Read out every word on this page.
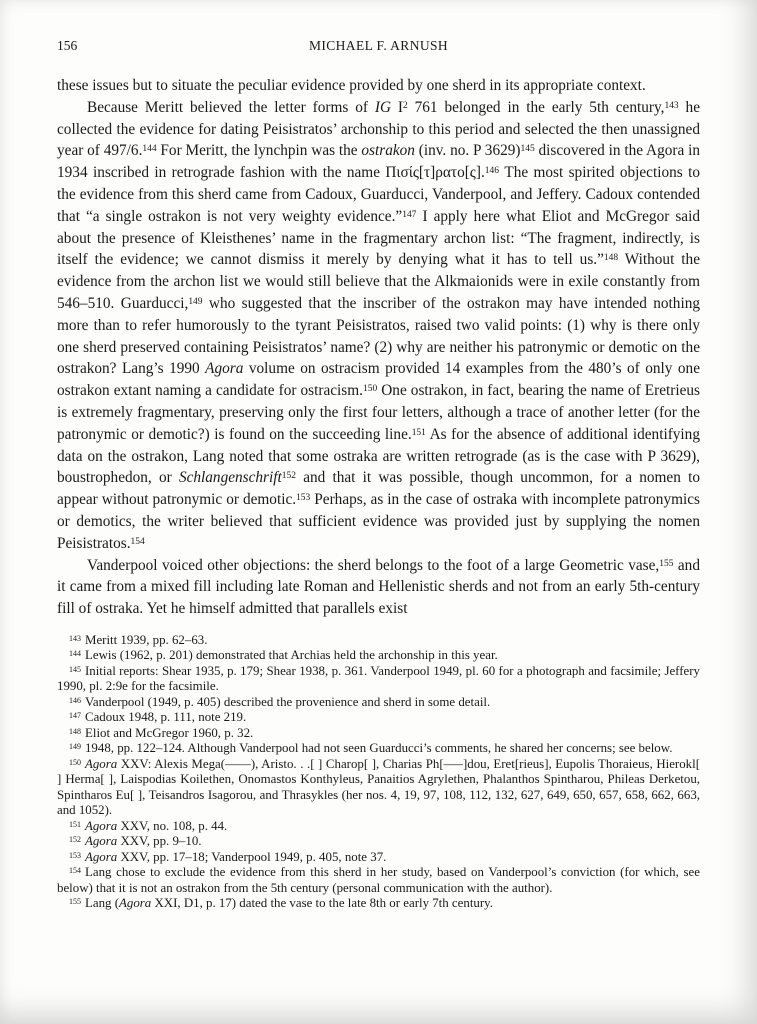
156	MICHAEL F. ARNUSH

these issues but to situate the peculiar evidence provided by one sherd in its appropriate context.

Because Meritt believed the letter forms of IG $I^2$ 761 belonged in the early 5th century,$^{143}$ he collected the evidence for dating Peisistratos’ archonship to this period and selected the then unassigned year of 497/6.$^{144}$ For Meritt, the lynchpin was the ostrakon (inv. no. P 3629)$^{145}$ discovered in the Agora in 1934 inscribed in retrograde fashion with the name Πισίς[τ]ρατο[ς].$^{146}$ The most spirited objections to the evidence from this sherd came from Cadoux, Guarducci, Vanderpool, and Jeffery. Cadoux contended that “a single ostrakon is not very weighty evidence.”$^{147}$ I apply here what Eliot and McGregor said about the presence of Kleisthenes’ name in the fragmentary archon list: “The fragment, indirectly, is itself the evidence; we cannot dismiss it merely by denying what it has to tell us.”$^{148}$ Without the evidence from the archon list we would still believe that the Alkmaionids were in exile constantly from 546–510. Guarducci,$^{149}$ who suggested that the inscriber of the ostrakon may have intended nothing more than to refer humorously to the tyrant Peisistratos, raised two valid points: (1) why is there only one sherd preserved containing Peisistratos’ name? (2) why are neither his patronymic or demotic on the ostrakon? Lang’s 1990 Agora volume on ostracism provided 14 examples from the 480’s of only one ostrakon extant naming a candidate for ostracism.$^{150}$ One ostrakon, in fact, bearing the name of Eretrieus is extremely fragmentary, preserving only the first four letters, although a trace of another letter (for the patronymic or demotic?) is found on the succeeding line.$^{151}$ As for the absence of additional identifying data on the ostrakon, Lang noted that some ostraka are written retrograde (as is the case with P 3629), boustrophedon, or Schlangenschrift$^{152}$ and that it was possible, though uncommon, for a nomen to appear without patronymic or demotic.$^{153}$ Perhaps, as in the case of ostraka with incomplete patronymics or demotics, the writer believed that sufficient evidence was provided just by supplying the nomen Peisistratos.$^{154}$

Vanderpool voiced other objections: the sherd belongs to the foot of a large Geometric vase,$^{155}$ and it came from a mixed fill including late Roman and Hellenistic sherds and not from an early 5th-century fill of ostraka. Yet he himself admitted that parallels exist

$^{143}$ Meritt 1939, pp. 62–63.

$^{144}$ Lewis (1962, p. 201) demonstrated that Archias held the archonship in this year.

$^{145}$ Initial reports: Shear 1935, p. 179; Shear 1938, p. 361. Vanderpool 1949, pl. 60 for a photograph and facsimile; Jeffery 1990, pl. 2:9e for the facsimile.

$^{146}$ Vanderpool (1949, p. 405) described the provenience and sherd in some detail.

$^{147}$ Cadoux 1948, p. 111, note 219.

$^{148}$ Eliot and McGregor 1960, p. 32.

$^{149}$ 1948, pp. 122–124. Although Vanderpool had not seen Guarducci’s comments, he shared her concerns; see below.

$^{150}$ Agora XXV: Alexis Mega(––––), Aristo. . .[ ] Charop[ ], Charias Ph[–––]dou, Eret[rieus], Eupolis Thoraieus, Hierokl[ ] Herma[ ], Laispodias Koilethen, Onomastos Konthyleus, Panaitios Agrylethen, Phalanthos Spintharou, Phileas Derketou, Spintharos Eu[ ], Teisandros Isagorou, and Thrasykles (her nos. 4, 19, 97, 108, 112, 132, 627, 649, 650, 657, 658, 662, 663, and 1052).

$^{151}$ Agora XXV, no. 108, p. 44.

$^{152}$ Agora XXV, pp. 9–10.

$^{153}$ Agora XXV, pp. 17–18; Vanderpool 1949, p. 405, note 37.

$^{154}$ Lang chose to exclude the evidence from this sherd in her study, based on Vanderpool’s conviction (for which, see below) that it is not an ostrakon from the 5th century (personal communication with the author).

$^{155}$ Lang (Agora XXI, D1, p. 17) dated the vase to the late 8th or early 7th century.
